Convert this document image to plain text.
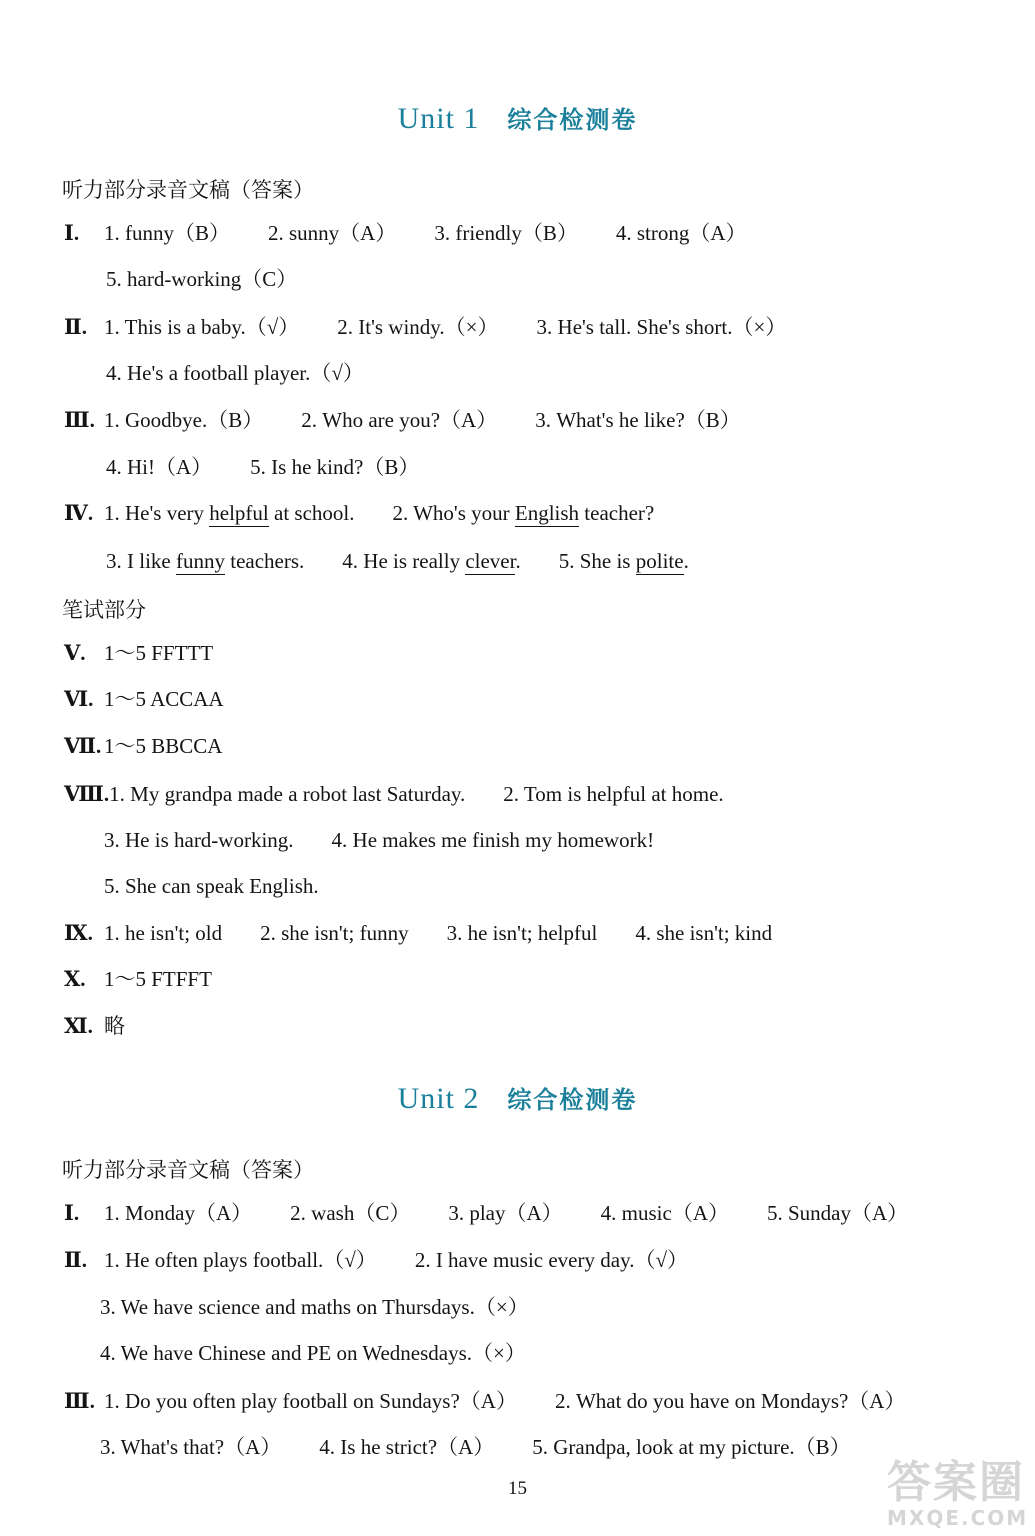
Unit 1 综合检测卷
听力部分录音文稿（答案）
Ⅰ. 1. funny（B） 2. sunny（A） 3. friendly（B） 4. strong（A）
5. hard-working（C）
Ⅱ. 1. This is a baby.（√） 2. It's windy.（×） 3. He's tall. She's short.（×）
4. He's a football player.（√）
Ⅲ. 1. Goodbye.（B） 2. Who are you?（A） 3. What's he like?（B）
4. Hi!（A） 5. Is he kind?（B）
Ⅳ. 1. He's very helpful at school. 2. Who's your English teacher?
3. I like funny teachers. 4. He is really clever. 5. She is polite.
笔试部分
Ⅴ. 1～5 FFTTT
Ⅵ. 1～5 ACCAA
Ⅶ. 1～5 BBCCA
Ⅷ.1. My grandpa made a robot last Saturday. 2. Tom is helpful at home.
3. He is hard-working. 4. He makes me finish my homework!
5. She can speak English.
Ⅸ. 1. he isn't; old 2. she isn't; funny 3. he isn't; helpful 4. she isn't; kind
Ⅹ. 1～5 FTFFT
Ⅺ. 略
Unit 2 综合检测卷
听力部分录音文稿（答案）
Ⅰ. 1. Monday（A） 2. wash（C） 3. play（A） 4. music（A） 5. Sunday（A）
Ⅱ. 1. He often plays football.（√） 2. I have music every day.（√）
3. We have science and maths on Thursdays.（×）
4. We have Chinese and PE on Wednesdays.（×）
Ⅲ. 1. Do you often play football on Sundays?（A） 2. What do you have on Mondays?（A）
3. What's that?（A） 4. Is he strict?（A） 5. Grandpa, look at my picture.（B）
15	答案圈
MXQE.COM
